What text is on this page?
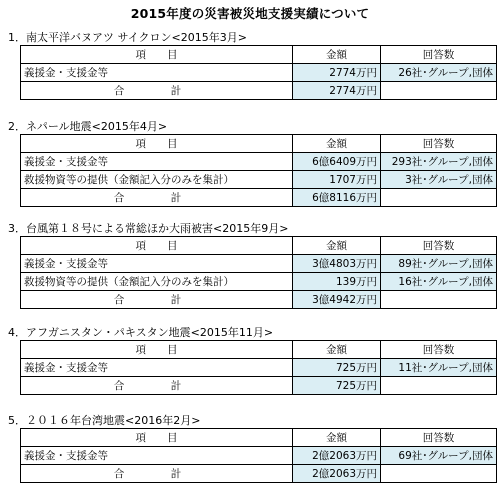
2015年度の災害被災地支援実績について
1．南太平洋バヌアツ サイクロン<2015年3月>
項　　目	金額	回答数
義援金・支援金等	2774万円	26社･グループ,団体
合　計	2774万円	
2．ネパール地震<2015年4月>
項　　目	金額	回答数
義援金・支援金等	6億6409万円	293社･グループ,団体
救援物資等の提供（金額記入分のみを集計）	1707万円	3社･グループ,団体
合　計	6億8116万円	
3．台風第１８号による常総ほか大雨被害<2015年9月>
項　　目	金額	回答数
義援金・支援金等	3億4803万円	89社･グループ,団体
救援物資等の提供（金額記入分のみを集計）	139万円	16社･グループ,団体
合　計	3億4942万円	
4．アフガニスタン・パキスタン地震<2015年11月>
項　　目	金額	回答数
義援金・支援金等	725万円	11社･グループ,団体
合　計	725万円	
5．２０１６年台湾地震<2016年2月>
項　　目	金額	回答数
義援金・支援金等	2億2063万円	69社･グループ,団体
合　計	2億2063万円	
